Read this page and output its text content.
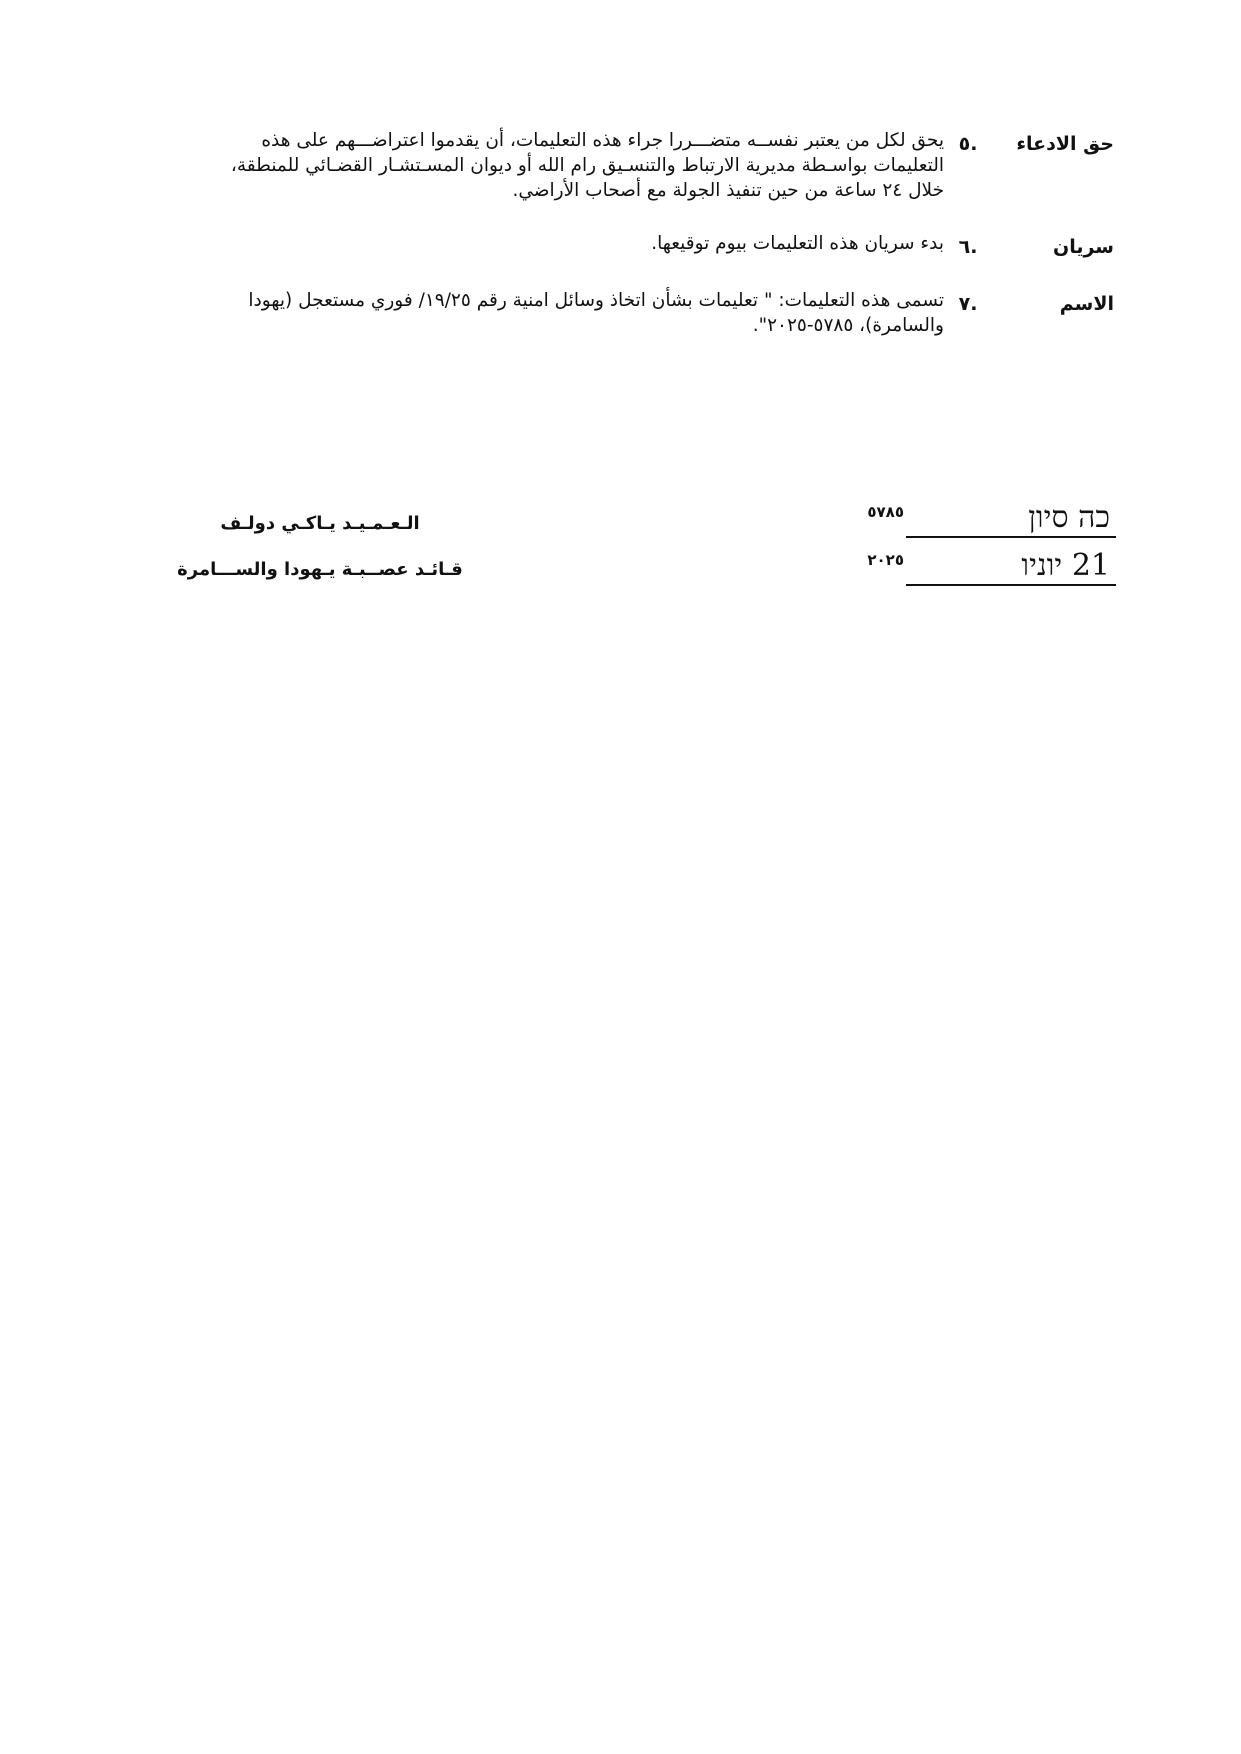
حق الادعاء
.٥

يحق لكل من يعتبر نفســه متضـــررا جراء هذه التعليمات، أن يقدموا اعتراضـــهم على هذه

التعليمات بواسـطة مديرية الارتباط والتنسـيق رام الله أو ديوان المسـتشـار القضـائي للمنطقة،

خلال ٢٤ ساعة من حين تنفيذ الجولة مع أصحاب الأراضي.

سريان
.٦

بدء سريان هذه التعليمات بيوم توقيعها.

الاسم
.٧

تسمى هذه التعليمات: " تعليمات بشأن اتخاذ وسائل امنية رقم ١٩/٢٥/ فوري مستعجل (يهودا

والسامرة)، ٥٧٨٥-٢٠٢٥".

כה סיון
٥٧٨٥
21 יוניו
٢٠٢٥
الـعـمـيـد يـاكـي دولـف
قـائـد عصــبـة يـهودا والســـامرة
